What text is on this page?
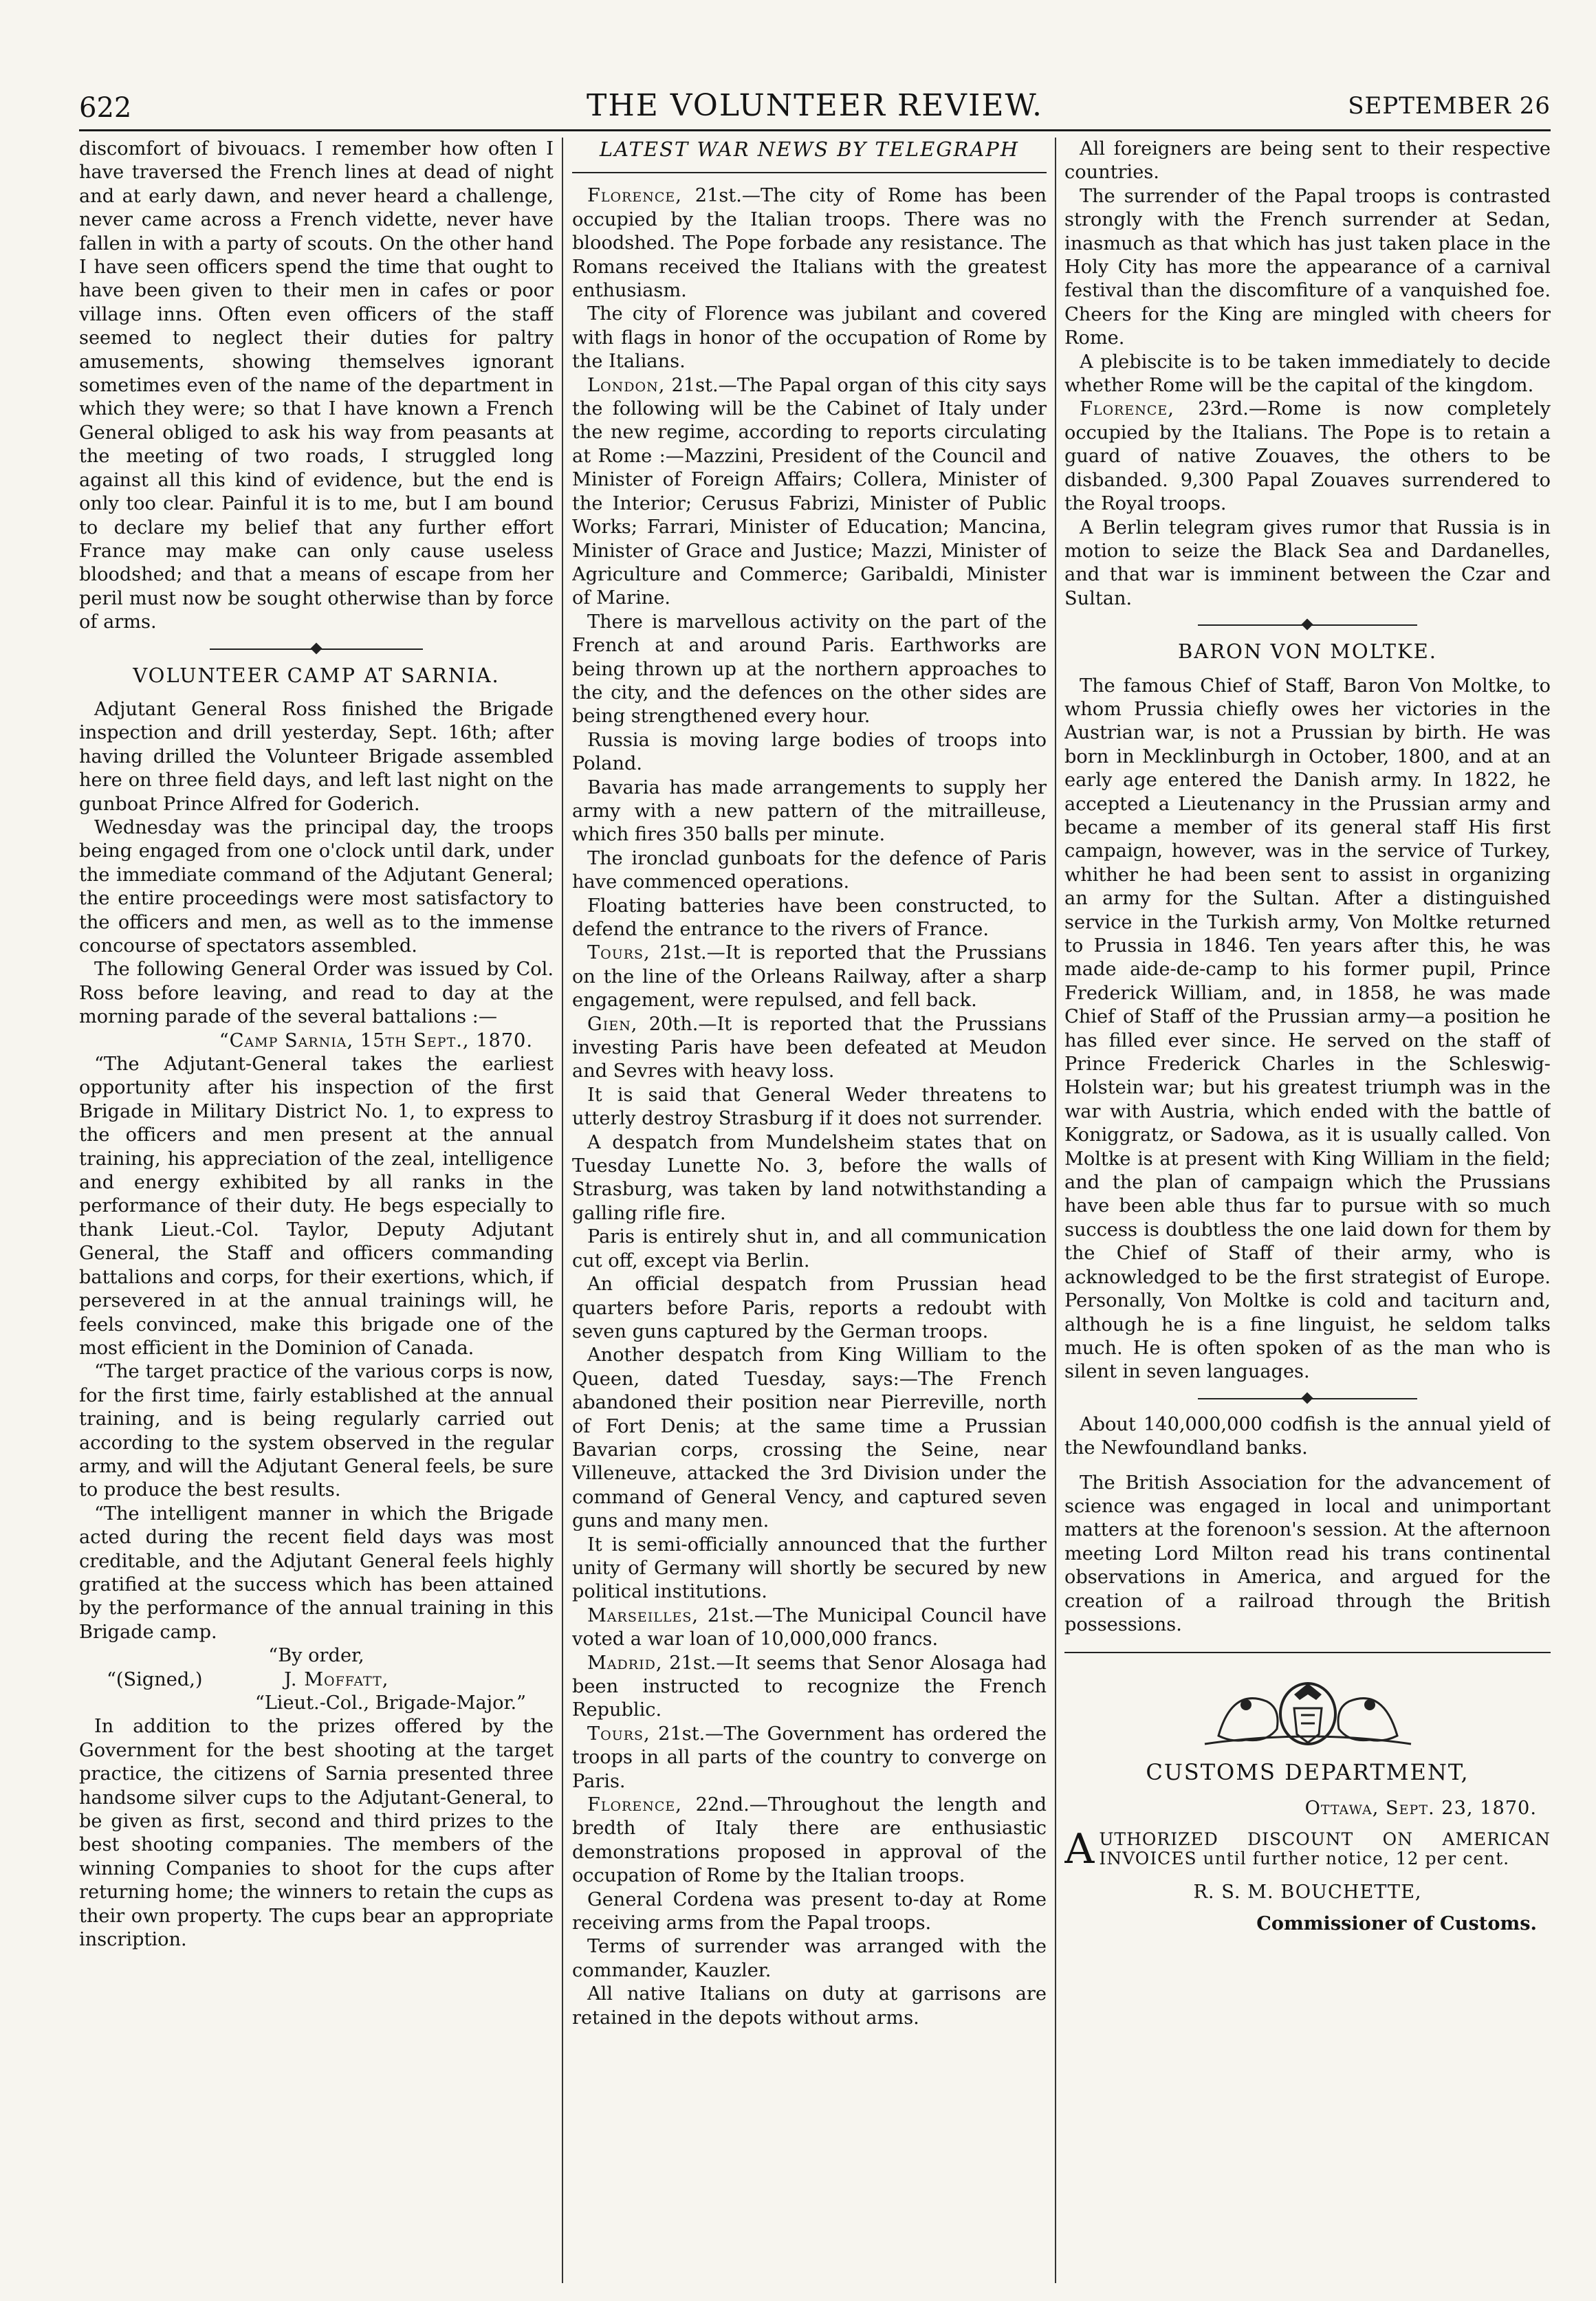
622	THE VOLUNTEER REVIEW.	SEPTEMBER 26

discomfort of bivouacs. I remember how often I have traversed the French lines at dead of night and at early dawn, and never heard a challenge, never came across a French vidette, never have fallen in with a party of scouts. On the other hand I have seen officers spend the time that ought to have been given to their men in cafes or poor village inns. Often even officers of the staff seemed to neglect their duties for paltry amusements, showing themselves ignorant sometimes even of the name of the department in which they were; so that I have known a French General obliged to ask his way from peasants at the meeting of two roads, I struggled long against all this kind of evidence, but the end is only too clear. Painful it is to me, but I am bound to declare my belief that any further effort France may make can only cause useless bloodshed; and that a means of escape from her peril must now be sought otherwise than by force of arms.

VOLUNTEER CAMP AT SARNIA.

Adjutant General Ross finished the Brigade inspection and drill yesterday, Sept. 16th; after having drilled the Volunteer Brigade assembled here on three field days, and left last night on the gunboat Prince Alfred for Goderich.

Wednesday was the principal day, the troops being engaged from one o'clock until dark, under the immediate command of the Adjutant General; the entire proceedings were most satisfactory to the officers and men, as well as to the immense concourse of spectators assembled.

The following General Order was issued by Col. Ross before leaving, and read to day at the morning parade of the several battalions :—

“Camp Sarnia, 15th Sept., 1870.

“The Adjutant-General takes the earliest opportunity after his inspection of the first Brigade in Military District No. 1, to express to the officers and men present at the annual training, his appreciation of the zeal, intelligence and energy exhibited by all ranks in the performance of their duty. He begs especially to thank Lieut.-Col. Taylor, Deputy Adjutant General, the Staff and officers commanding battalions and corps, for their exertions, which, if persevered in at the annual trainings will, he feels convinced, make this brigade one of the most efficient in the Dominion of Canada.

“The target practice of the various corps is now, for the first time, fairly established at the annual training, and is being regularly carried out according to the system observed in the regular army, and will the Adjutant General feels, be sure to produce the best results.

“The intelligent manner in which the Brigade acted during the recent field days was most creditable, and the Adjutant General feels highly gratified at the success which has been attained by the performance of the annual training in this Brigade camp.

“By order,

“(Signed,)	J. Moffatt,

“Lieut.-Col., Brigade-Major.”

In addition to the prizes offered by the Government for the best shooting at the target practice, the citizens of Sarnia presented three handsome silver cups to the Adjutant-General, to be given as first, second and third prizes to the best shooting companies. The members of the winning Companies to shoot for the cups after returning home; the winners to retain the cups as their own property. The cups bear an appropriate inscription.

LATEST WAR NEWS BY TELEGRAPH

Florence, 21st.—The city of Rome has been occupied by the Italian troops. There was no bloodshed. The Pope forbade any resistance. The Romans received the Italians with the greatest enthusiasm.

The city of Florence was jubilant and covered with flags in honor of the occupation of Rome by the Italians.

London, 21st.—The Papal organ of this city says the following will be the Cabinet of Italy under the new regime, according to reports circulating at Rome :—Mazzini, President of the Council and Minister of Foreign Affairs; Collera, Minister of the Interior; Cerusus Fabrizi, Minister of Public Works; Farrari, Minister of Education; Mancina, Minister of Grace and Justice; Mazzi, Minister of Agriculture and Commerce; Garibaldi, Minister of Marine.

There is marvellous activity on the part of the French at and around Paris. Earthworks are being thrown up at the northern approaches to the city, and the defences on the other sides are being strengthened every hour.

Russia is moving large bodies of troops into Poland.

Bavaria has made arrangements to supply her army with a new pattern of the mitrailleuse, which fires 350 balls per minute.

The ironclad gunboats for the defence of Paris have commenced operations.

Floating batteries have been constructed, to defend the entrance to the rivers of France.

Tours, 21st.—It is reported that the Prussians on the line of the Orleans Railway, after a sharp engagement, were repulsed, and fell back.

Gien, 20th.—It is reported that the Prussians investing Paris have been defeated at Meudon and Sevres with heavy loss.

It is said that General Weder threatens to utterly destroy Strasburg if it does not surrender.

A despatch from Mundelsheim states that on Tuesday Lunette No. 3, before the walls of Strasburg, was taken by land notwithstanding a galling rifle fire.

Paris is entirely shut in, and all communication cut off, except via Berlin.

An official despatch from Prussian head quarters before Paris, reports a redoubt with seven guns captured by the German troops.

Another despatch from King William to the Queen, dated Tuesday, says:—The French abandoned their position near Pierreville, north of Fort Denis; at the same time a Prussian Bavarian corps, crossing the Seine, near Villeneuve, attacked the 3rd Division under the command of General Vency, and captured seven guns and many men.

It is semi-officially announced that the further unity of Germany will shortly be secured by new political institutions.

Marseilles, 21st.—The Municipal Council have voted a war loan of 10,000,000 francs.

Madrid, 21st.—It seems that Senor Alosaga had been instructed to recognize the French Republic.

Tours, 21st.—The Government has ordered the troops in all parts of the country to converge on Paris.

Florence, 22nd.—Throughout the length and bredth of Italy there are enthusiastic demonstrations proposed in approval of the occupation of Rome by the Italian troops.

General Cordena was present to-day at Rome receiving arms from the Papal troops.

Terms of surrender was arranged with the commander, Kauzler.

All native Italians on duty at garrisons are retained in the depots without arms.

All foreigners are being sent to their respective countries.

The surrender of the Papal troops is contrasted strongly with the French surrender at Sedan, inasmuch as that which has just taken place in the Holy City has more the appearance of a carnival festival than the discomfiture of a vanquished foe. Cheers for the King are mingled with cheers for Rome.

A plebiscite is to be taken immediately to decide whether Rome will be the capital of the kingdom.

Florence, 23rd.—Rome is now completely occupied by the Italians. The Pope is to retain a guard of native Zouaves, the others to be disbanded. 9,300 Papal Zouaves surrendered to the Royal troops.

A Berlin telegram gives rumor that Russia is in motion to seize the Black Sea and Dardanelles, and that war is imminent between the Czar and Sultan.

BARON VON MOLTKE.

The famous Chief of Staff, Baron Von Moltke, to whom Prussia chiefly owes her victories in the Austrian war, is not a Prussian by birth. He was born in Mecklinburgh in October, 1800, and at an early age entered the Danish army. In 1822, he accepted a Lieutenancy in the Prussian army and became a member of its general staff His first campaign, however, was in the service of Turkey, whither he had been sent to assist in organizing an army for the Sultan. After a distinguished service in the Turkish army, Von Moltke returned to Prussia in 1846. Ten years after this, he was made aide-de-camp to his former pupil, Prince Frederick William, and, in 1858, he was made Chief of Staff of the Prussian army—a position he has filled ever since. He served on the staff of Prince Frederick Charles in the Schleswig-Holstein war; but his greatest triumph was in the war with Austria, which ended with the battle of Koniggratz, or Sadowa, as it is usually called. Von Moltke is at present with King William in the field; and the plan of campaign which the Prussians have been able thus far to pursue with so much success is doubtless the one laid down for them by the Chief of Staff of their army, who is acknowledged to be the first strategist of Europe. Personally, Von Moltke is cold and taciturn and, although he is a fine linguist, he seldom talks much. He is often spoken of as the man who is silent in seven languages.

About 140,000,000 codfish is the annual yield of the Newfoundland banks.

The British Association for the advancement of science was engaged in local and unimportant matters at the forenoon's session. At the afternoon meeting Lord Milton read his trans continental observations in America, and argued for the creation of a railroad through the British possessions.

CUSTOMS DEPARTMENT,

Ottawa, Sept. 23, 1870.

A UTHORIZED DISCOUNT ON AMERICAN INVOICES until further notice, 12 per cent.

R. S. M. BOUCHETTE,

Commissioner of Customs.
